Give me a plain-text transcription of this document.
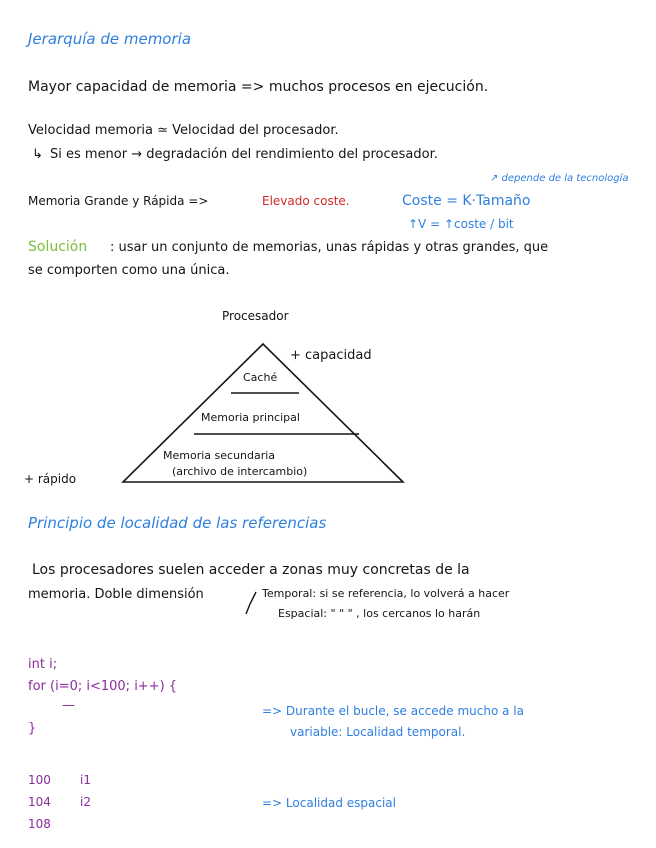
Jerarquía de memoria
Mayor capacidad de memoria => muchos procesos en ejecución.
Velocidad memoria ≃ Velocidad del procesador.
↳ Si es menor → degradación del rendimiento del procesador.
Memoria Grande y Rápida =>	Elevado coste.
↗ depende de la tecnología
Coste = K·Tamaño
↑V = ↑coste / bit
Solución : usar un conjunto de memorias, unas rápidas y otras grandes, que
se comporten como una única.
Procesador
+ capacidad
Caché
Memoria principal
Memoria secundaria
(archivo de intercambio)
+ rápido
Principio de localidad de las referencias
Los procesadores suelen acceder a zonas muy concretas de la
memoria. Doble dimensión	Temporal: si se referencia, lo volverá a hacer
Espacial: " " " , los cercanos lo harán
int i;
for (i=0; i<100; i++) {
—
}
=> Durante el bucle, se accede mucho a la
variable: Localidad temporal.
100 i1
104 i2
108
=> Localidad espacial
